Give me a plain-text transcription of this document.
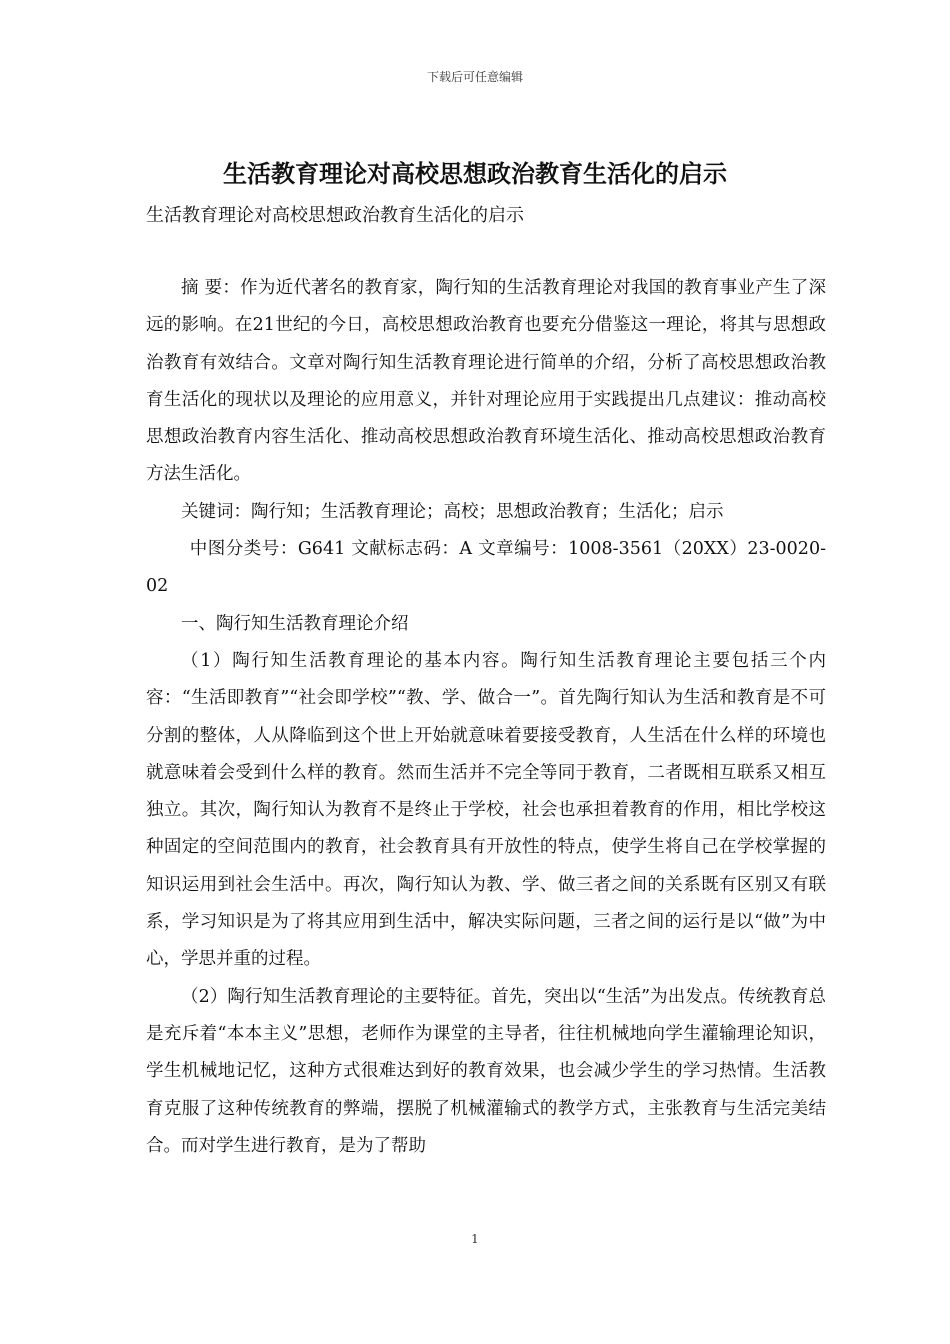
下载后可任意编辑
生活教育理论对高校思想政治教育生活化的启示
生活教育理论对高校思想政治教育生活化的启示

摘 要：作为近代著名的教育家，陶行知的生活教育理论对我国的教育事业产生了深远的影响。在21世纪的今日，高校思想政治教育也要充分借鉴这一理论，将其与思想政治教育有效结合。文章对陶行知生活教育理论进行简单的介绍，分析了高校思想政治教育生活化的现状以及理论的应用意义，并针对理论应用于实践提出几点建议：推动高校思想政治教育内容生活化、推动高校思想政治教育环境生活化、推动高校思想政治教育方法生活化。

关键词：陶行知；生活教育理论；高校；思想政治教育；生活化；启示

中图分类号：G641 文献标志码：A 文章编号：1008-3561（20XX）23-0020-02

一、陶行知生活教育理论介绍

（1）陶行知生活教育理论的基本内容。陶行知生活教育理论主要包括三个内容：“生活即教育”“社会即学校”“教、学、做合一”。首先陶行知认为生活和教育是不可分割的整体，人从降临到这个世上开始就意味着要接受教育，人生活在什么样的环境也就意味着会受到什么样的教育。然而生活并不完全等同于教育，二者既相互联系又相互独立。其次，陶行知认为教育不是终止于学校，社会也承担着教育的作用，相比学校这种固定的空间范围内的教育，社会教育具有开放性的特点，使学生将自己在学校掌握的知识运用到社会生活中。再次，陶行知认为教、学、做三者之间的关系既有区别又有联系，学习知识是为了将其应用到生活中，解决实际问题，三者之间的运行是以“做”为中心，学思并重的过程。

（2）陶行知生活教育理论的主要特征。首先，突出以“生活”为出发点。传统教育总是充斥着“本本主义”思想，老师作为课堂的主导者，往往机械地向学生灌输理论知识，学生机械地记忆，这种方式很难达到好的教育效果，也会减少学生的学习热情。生活教育克服了这种传统教育的弊端，摆脱了机械灌输式的教学方式，主张教育与生活完美结合。而对学生进行教育，是为了帮助

1
